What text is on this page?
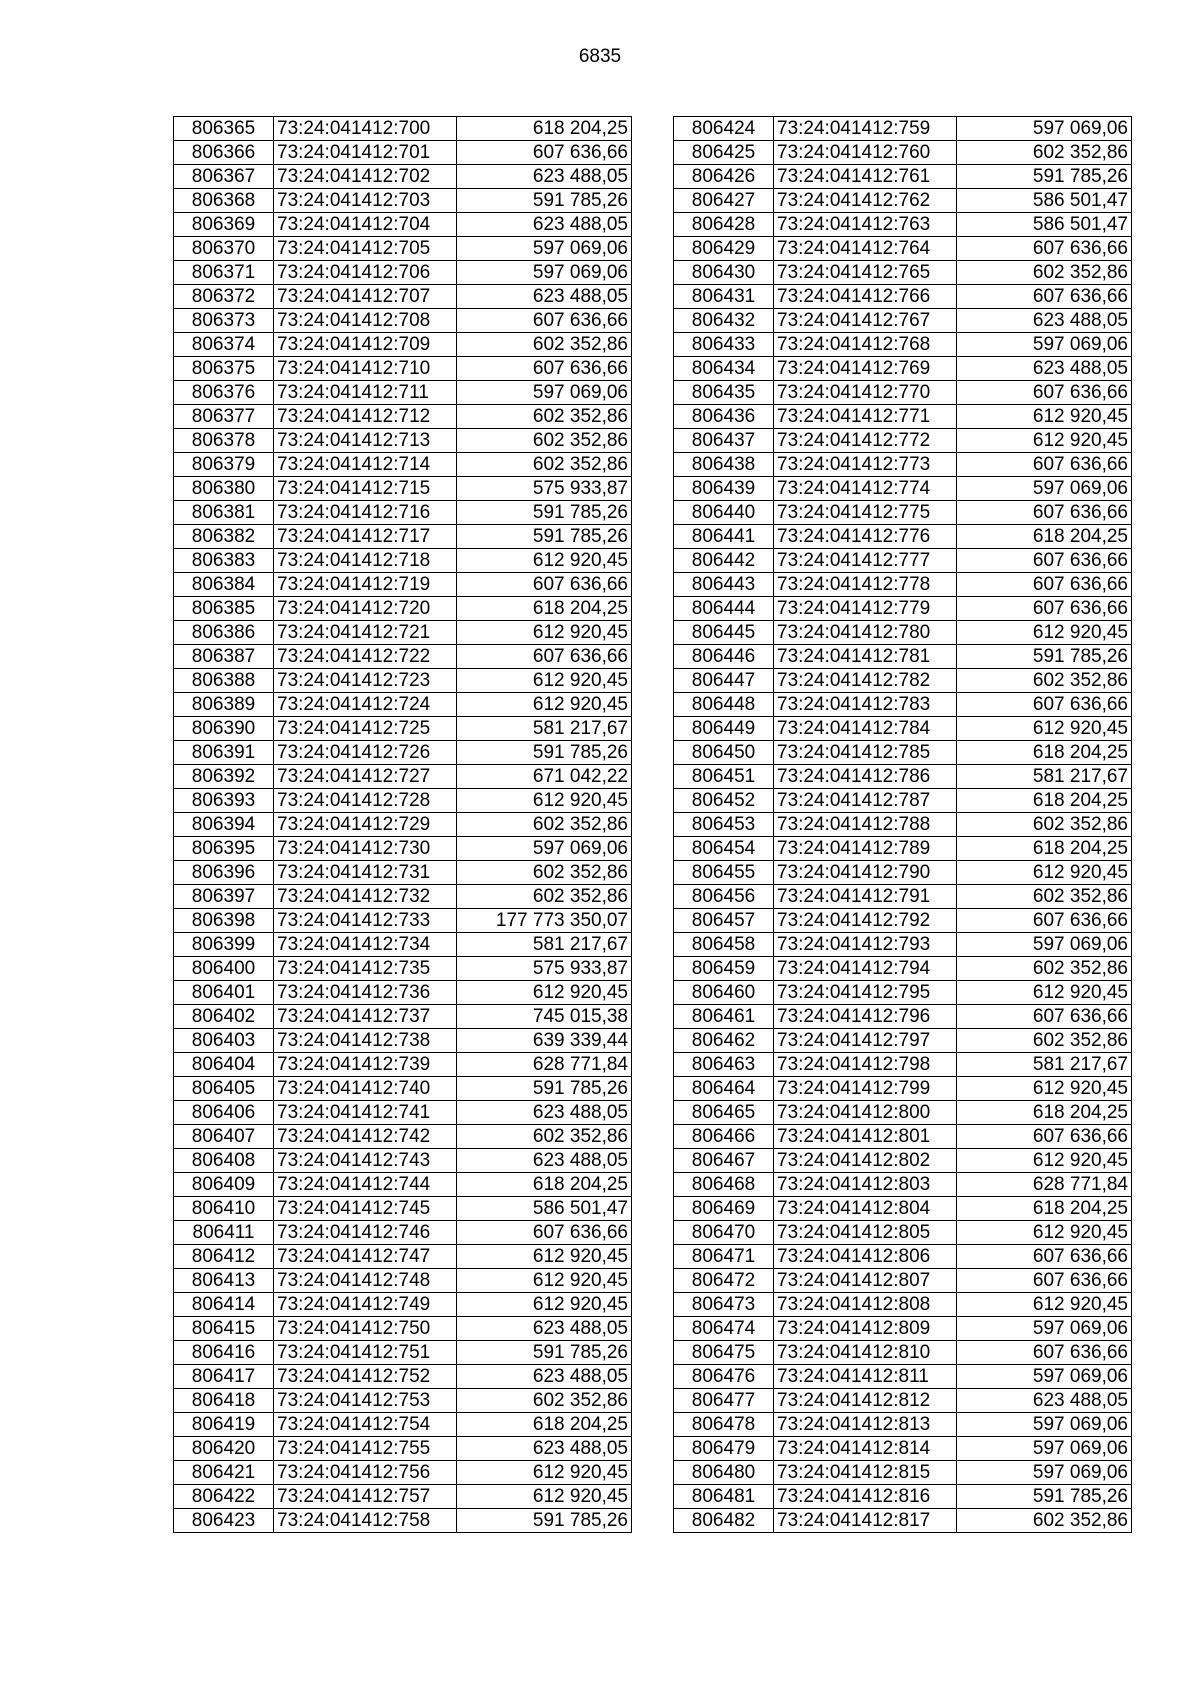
6835
806365	73:24:041412:700	618 204,25
806366	73:24:041412:701	607 636,66
806367	73:24:041412:702	623 488,05
806368	73:24:041412:703	591 785,26
806369	73:24:041412:704	623 488,05
806370	73:24:041412:705	597 069,06
806371	73:24:041412:706	597 069,06
806372	73:24:041412:707	623 488,05
806373	73:24:041412:708	607 636,66
806374	73:24:041412:709	602 352,86
806375	73:24:041412:710	607 636,66
806376	73:24:041412:711	597 069,06
806377	73:24:041412:712	602 352,86
806378	73:24:041412:713	602 352,86
806379	73:24:041412:714	602 352,86
806380	73:24:041412:715	575 933,87
806381	73:24:041412:716	591 785,26
806382	73:24:041412:717	591 785,26
806383	73:24:041412:718	612 920,45
806384	73:24:041412:719	607 636,66
806385	73:24:041412:720	618 204,25
806386	73:24:041412:721	612 920,45
806387	73:24:041412:722	607 636,66
806388	73:24:041412:723	612 920,45
806389	73:24:041412:724	612 920,45
806390	73:24:041412:725	581 217,67
806391	73:24:041412:726	591 785,26
806392	73:24:041412:727	671 042,22
806393	73:24:041412:728	612 920,45
806394	73:24:041412:729	602 352,86
806395	73:24:041412:730	597 069,06
806396	73:24:041412:731	602 352,86
806397	73:24:041412:732	602 352,86
806398	73:24:041412:733	177 773 350,07
806399	73:24:041412:734	581 217,67
806400	73:24:041412:735	575 933,87
806401	73:24:041412:736	612 920,45
806402	73:24:041412:737	745 015,38
806403	73:24:041412:738	639 339,44
806404	73:24:041412:739	628 771,84
806405	73:24:041412:740	591 785,26
806406	73:24:041412:741	623 488,05
806407	73:24:041412:742	602 352,86
806408	73:24:041412:743	623 488,05
806409	73:24:041412:744	618 204,25
806410	73:24:041412:745	586 501,47
806411	73:24:041412:746	607 636,66
806412	73:24:041412:747	612 920,45
806413	73:24:041412:748	612 920,45
806414	73:24:041412:749	612 920,45
806415	73:24:041412:750	623 488,05
806416	73:24:041412:751	591 785,26
806417	73:24:041412:752	623 488,05
806418	73:24:041412:753	602 352,86
806419	73:24:041412:754	618 204,25
806420	73:24:041412:755	623 488,05
806421	73:24:041412:756	612 920,45
806422	73:24:041412:757	612 920,45
806423	73:24:041412:758	591 785,26
806424	73:24:041412:759	597 069,06
806425	73:24:041412:760	602 352,86
806426	73:24:041412:761	591 785,26
806427	73:24:041412:762	586 501,47
806428	73:24:041412:763	586 501,47
806429	73:24:041412:764	607 636,66
806430	73:24:041412:765	602 352,86
806431	73:24:041412:766	607 636,66
806432	73:24:041412:767	623 488,05
806433	73:24:041412:768	597 069,06
806434	73:24:041412:769	623 488,05
806435	73:24:041412:770	607 636,66
806436	73:24:041412:771	612 920,45
806437	73:24:041412:772	612 920,45
806438	73:24:041412:773	607 636,66
806439	73:24:041412:774	597 069,06
806440	73:24:041412:775	607 636,66
806441	73:24:041412:776	618 204,25
806442	73:24:041412:777	607 636,66
806443	73:24:041412:778	607 636,66
806444	73:24:041412:779	607 636,66
806445	73:24:041412:780	612 920,45
806446	73:24:041412:781	591 785,26
806447	73:24:041412:782	602 352,86
806448	73:24:041412:783	607 636,66
806449	73:24:041412:784	612 920,45
806450	73:24:041412:785	618 204,25
806451	73:24:041412:786	581 217,67
806452	73:24:041412:787	618 204,25
806453	73:24:041412:788	602 352,86
806454	73:24:041412:789	618 204,25
806455	73:24:041412:790	612 920,45
806456	73:24:041412:791	602 352,86
806457	73:24:041412:792	607 636,66
806458	73:24:041412:793	597 069,06
806459	73:24:041412:794	602 352,86
806460	73:24:041412:795	612 920,45
806461	73:24:041412:796	607 636,66
806462	73:24:041412:797	602 352,86
806463	73:24:041412:798	581 217,67
806464	73:24:041412:799	612 920,45
806465	73:24:041412:800	618 204,25
806466	73:24:041412:801	607 636,66
806467	73:24:041412:802	612 920,45
806468	73:24:041412:803	628 771,84
806469	73:24:041412:804	618 204,25
806470	73:24:041412:805	612 920,45
806471	73:24:041412:806	607 636,66
806472	73:24:041412:807	607 636,66
806473	73:24:041412:808	612 920,45
806474	73:24:041412:809	597 069,06
806475	73:24:041412:810	607 636,66
806476	73:24:041412:811	597 069,06
806477	73:24:041412:812	623 488,05
806478	73:24:041412:813	597 069,06
806479	73:24:041412:814	597 069,06
806480	73:24:041412:815	597 069,06
806481	73:24:041412:816	591 785,26
806482	73:24:041412:817	602 352,86
